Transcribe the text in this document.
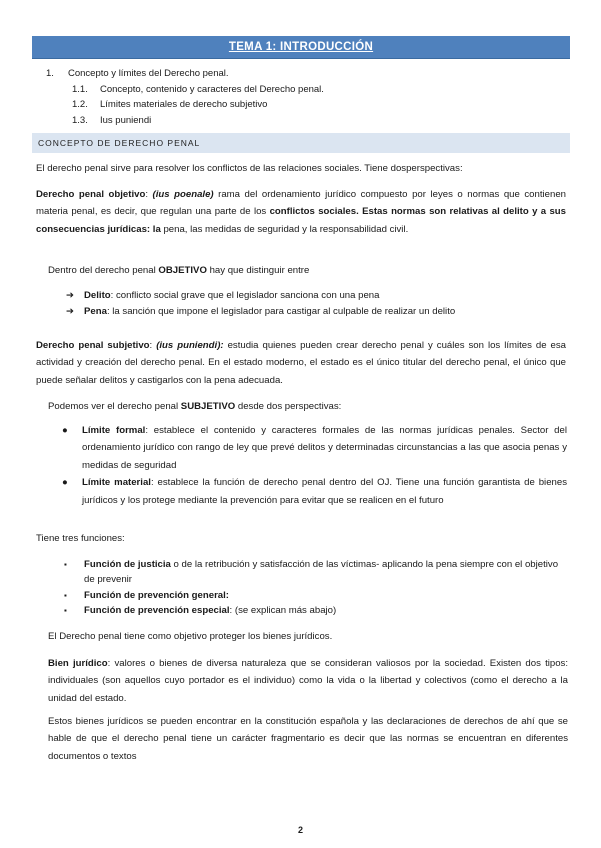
TEMA 1: INTRODUCCIÓN
1. Concepto y límites del Derecho penal.
1.1. Concepto, contenido y caracteres del Derecho penal.
1.2. Límites materiales de derecho subjetivo
1.3. Ius puniendi
CONCEPTO DE DERECHO PENAL

El derecho penal sirve para resolver los conflictos de las relaciones sociales. Tiene dosperspectivas:

Derecho penal objetivo: (ius poenale) rama del ordenamiento jurídico compuesto por leyes o normas que contienen materia penal, es decir, que regulan una parte de los conflictos sociales. Estas normas son relativas al delito y a sus consecuencias jurídicas: la pena, las medidas de seguridad y la responsabilidad civil.

Dentro del derecho penal OBJETIVO hay que distinguir entre

➔	Delito: conflicto social grave que el legislador sanciona con una pena
➔	Pena: la sanción que impone el legislador para castigar al culpable de realizar un delito

Derecho penal subjetivo: (ius puniendi): estudia quienes pueden crear derecho penal y cuáles son los límites de esa actividad y creación del derecho penal. En el estado moderno, el estado es el único titular del derecho penal, el único que puede señalar delitos y castigarlos con la pena adecuada.

Podemos ver el derecho penal SUBJETIVO desde dos perspectivas:

●	Límite formal: establece el contenido y caracteres formales de las normas jurídicas penales. Sector del ordenamiento jurídico con rango de ley que prevé delitos y determinadas circunstancias a las que asocia penas y medidas de seguridad
●	Límite material: establece la función de derecho penal dentro del OJ. Tiene una función garantista de bienes jurídicos y los protege mediante la prevención para evitar que se realicen en el futuro

Tiene tres funciones:

▪	Función de justicia o de la retribución y satisfacción de las víctimas- aplicando la pena siempre con el objetivo de prevenir
▪	Función de prevención general:
▪	Función de prevención especial: (se explican más abajo)

El Derecho penal tiene como objetivo proteger los bienes jurídicos.

Bien jurídico: valores o bienes de diversa naturaleza que se consideran valiosos por la sociedad. Existen dos tipos: individuales (son aquellos cuyo portador es el individuo) como la vida o la libertad y colectivos (como el derecho a la unidad del estado.

Estos bienes jurídicos se pueden encontrar en la constitución española y las declaraciones de derechos de ahí que se hable de que el derecho penal tiene un carácter fragmentario es decir que las normas se encuentran en diferentes documentos o textos

2
